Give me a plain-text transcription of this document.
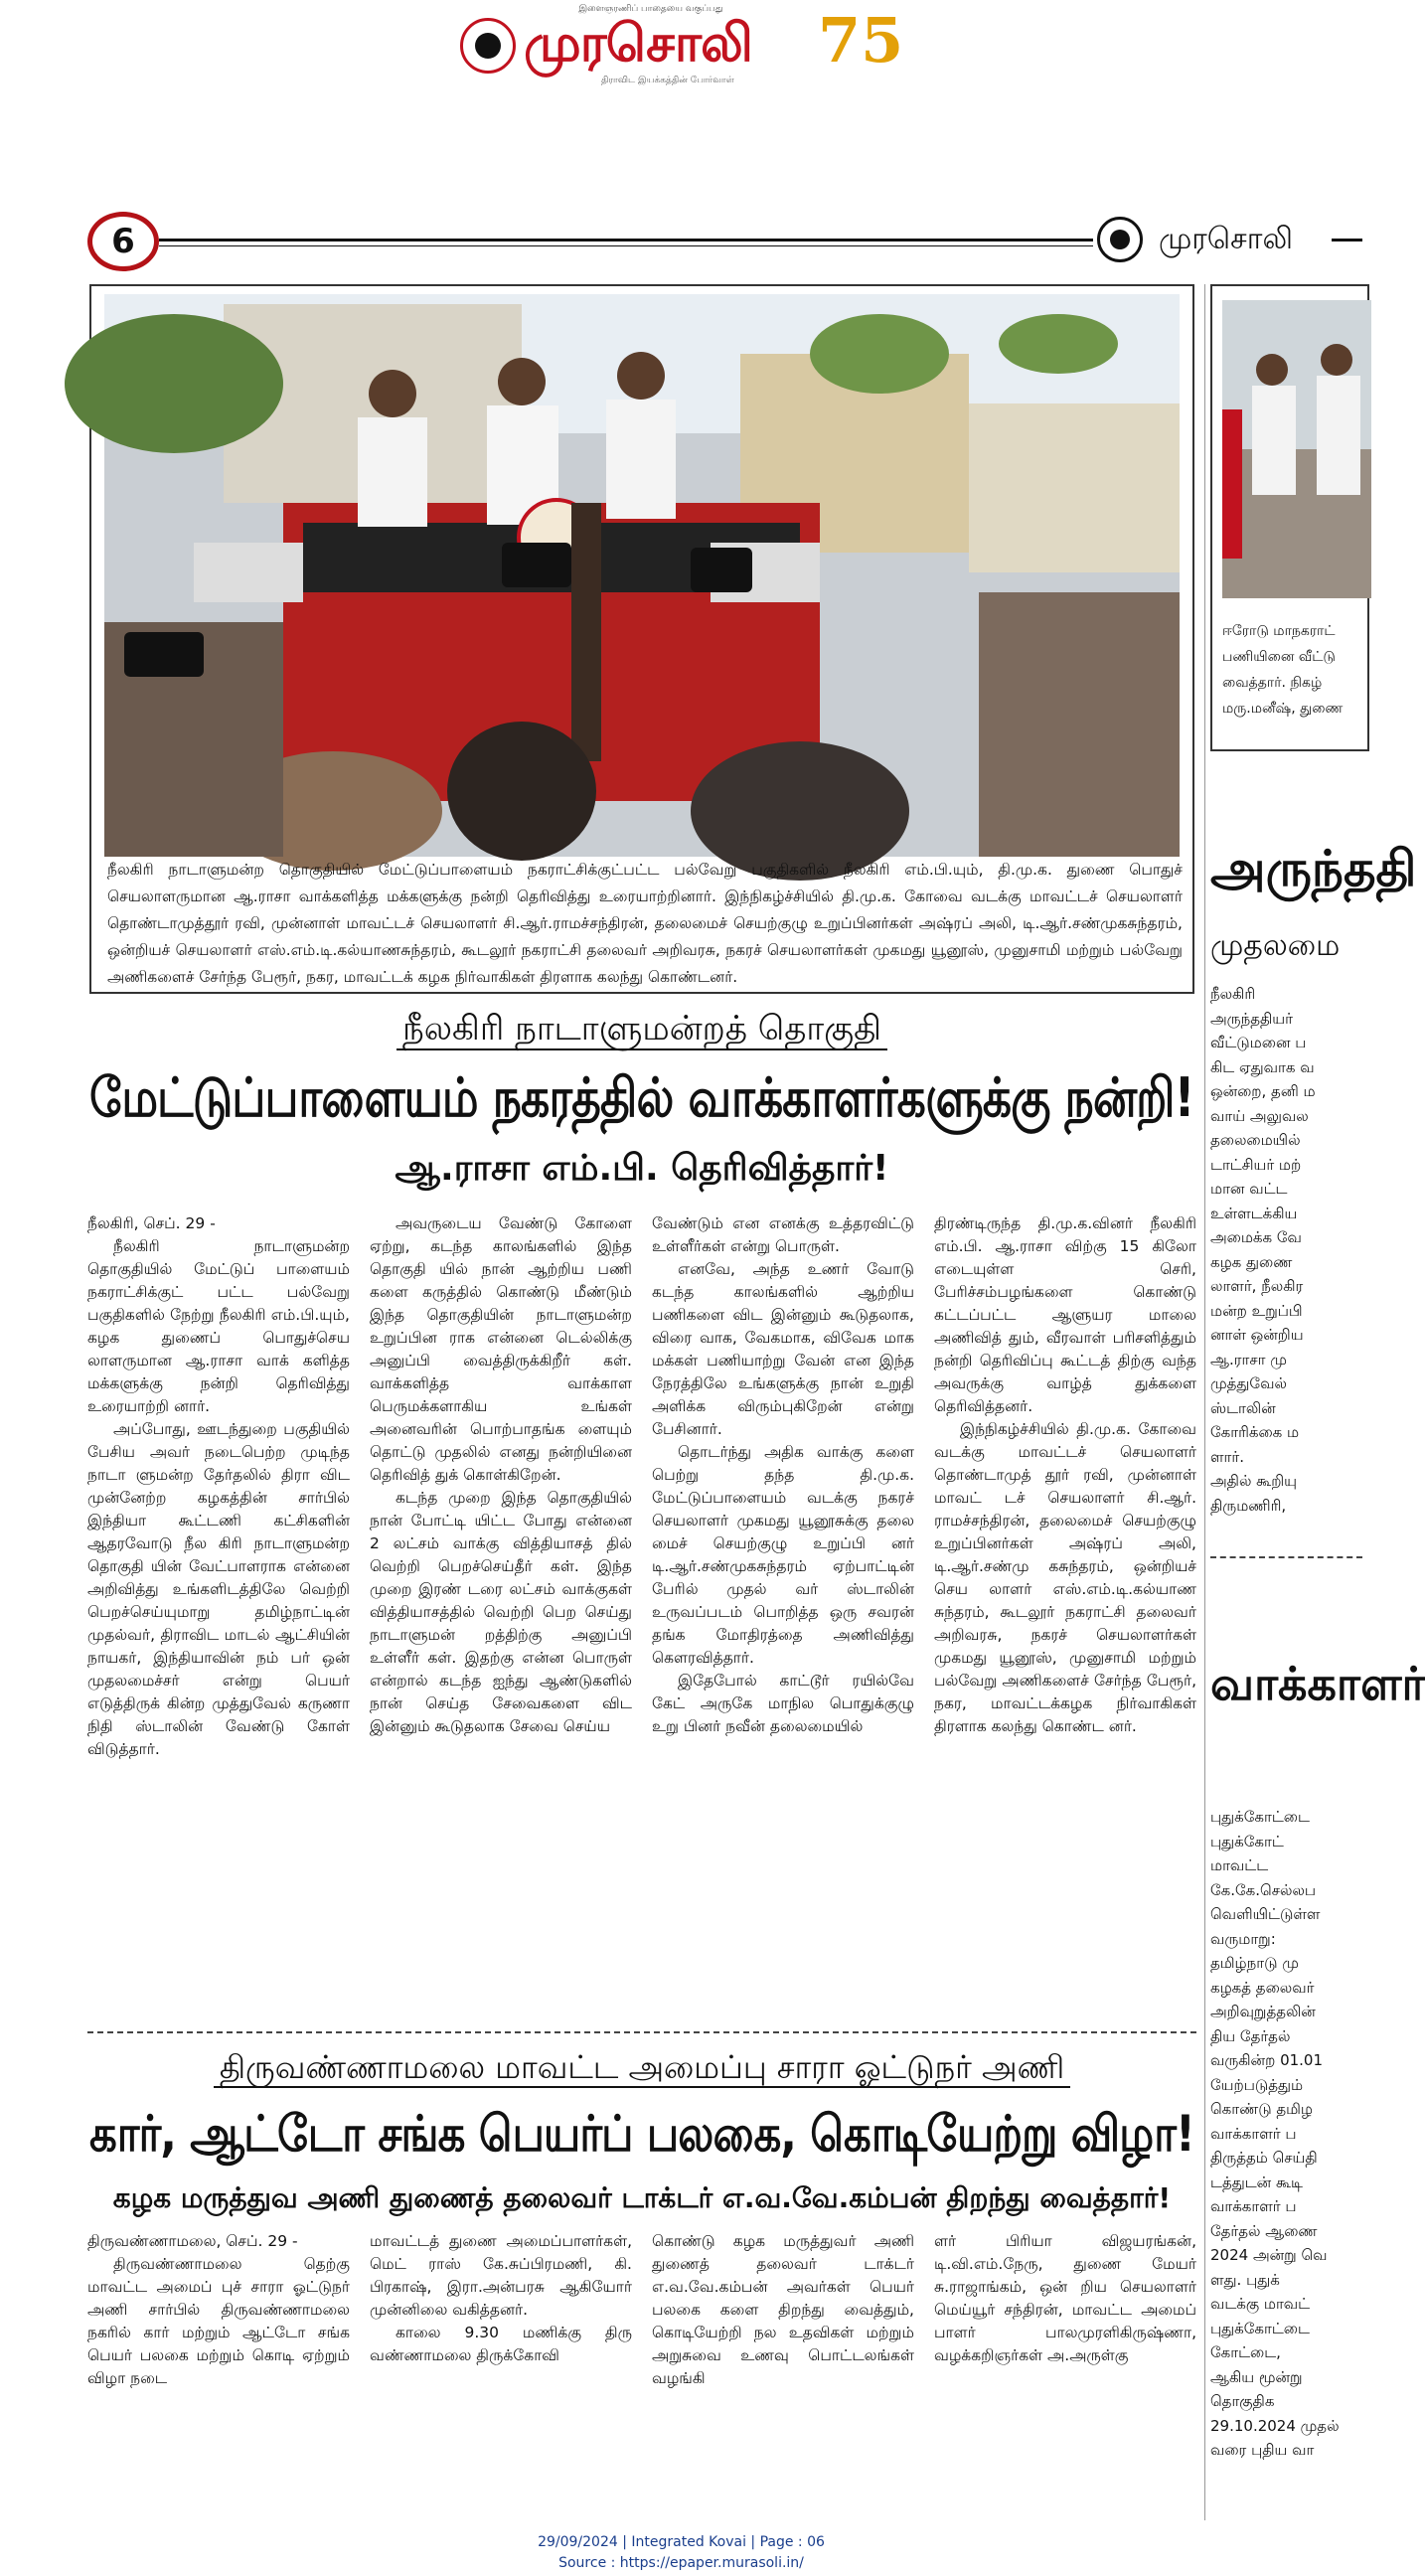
இளைஞரணிப் பாதையை வகுப்பது
முரசொலி 75
திராவிட இயக்கத்தின் போர்வாள்
6	முரசொலி
நீலகிரி நாடாளுமன்ற தொகுதியில் மேட்டுப்பாளையம் நகராட்சிக்குட்பட்ட பல்வேறு பகுதிகளில் நீலகிரி எம்.பி.யும், தி.மு.க. துணை பொதுச் செயலாளருமான ஆ.ராசா வாக்களித்த மக்களுக்கு நன்றி தெரிவித்து உரையாற்றினார். இந்நிகழ்ச்சியில் தி.மு.க. கோவை வடக்கு மாவட்டச் செயலாளர் தொண்டாமுத்தூர் ரவி, முன்னாள் மாவட்டச் செயலாளர் சி.ஆர்.ராமச்சந்திரன், தலைமைச் செயற்குழு உறுப்பினர்கள் அஷ்ரப் அலி, டி.ஆர்.சண்முகசுந்தரம், ஒன்றியச் செயலாளர் எஸ்.எம்.டி.கல்யாணசுந்தரம், கூடலூர் நகராட்சி தலைவர் அறிவரசு, நகரச் செயலாளர்கள் முகமது யூனூஸ், முனுசாமி மற்றும் பல்வேறு அணிகளைச் சேர்ந்த பேரூர், நகர, மாவட்டக் கழக நிர்வாகிகள் திரளாக கலந்து கொண்டனர்.
நீலகிரி நாடாளுமன்றத் தொகுதி
மேட்டுப்பாளையம் நகரத்தில் வாக்காளர்களுக்கு நன்றி!
ஆ.ராசா எம்.பி. தெரிவித்தார்!

நீலகிரி, செப். 29 -

நீலகிரி நாடாளுமன்ற தொகுதியில் மேட்டுப் பாளையம் நகராட்சிக்குட் பட்ட பல்வேறு பகுதிகளில் நேற்று நீலகிரி எம்.பி.யும், கழக துணைப் பொதுச்செய லாளருமான ஆ.ராசா வாக் களித்த மக்களுக்கு நன்றி தெரிவித்து உரையாற்றி னார்.

அப்போது, ஊடந்துறை பகுதியில் பேசிய அவர் நடைபெற்ற முடிந்த நாடா ளுமன்ற தேர்தலில் திரா விட முன்னேற்ற கழகத்தின் சார்பில் இந்தியா கூட்டணி கட்சிகளின் ஆதரவோடு நீல கிரி நாடாளுமன்ற தொகுதி யின் வேட்பாளராக என்னை அறிவித்து உங்களிடத்திலே வெற்றி பெறச்செய்யுமாறு தமிழ்நாட்டின் முதல்வர், திராவிட மாடல் ஆட்சியின் நாயகர், இந்தியாவின் நம் பர் ஒன் முதலமைச்சர் என்று பெயர் எடுத்திருக் கின்ற முத்துவேல் கருணா நிதி ஸ்டாலின் வேண்டு கோள் விடுத்தார்.

அவருடைய வேண்டு கோளை ஏற்று, கடந்த காலங்களில் இந்த தொகுதி யில் நான் ஆற்றிய பணி களை கருத்தில் கொண்டு மீண்டும் இந்த தொகுதியின் நாடாளுமன்ற உறுப்பின ராக என்னை டெல்லிக்கு அனுப்பி வைத்திருக்கிறீர் கள். வாக்களித்த வாக்காள பெருமக்களாகிய உங்கள் அனைவரின் பொற்பாதங்க ளையும் தொட்டு முதலில் எனது நன்றியினை தெரிவித் துக் கொள்கிறேன்.

கடந்த முறை இந்த தொகுதியில் நான் போட்டி யிட்ட போது என்னை 2 லட்சம் வாக்கு வித்தியாசத் தில் வெற்றி பெறச்செய்தீர் கள். இந்த முறை இரண் டரை லட்சம் வாக்குகள் வித்தியாசத்தில் வெற்றி பெற செய்து நாடாளுமன் றத்திற்கு அனுப்பி உள்ளீர் கள். இதற்கு என்ன பொருள் என்றால் கடந்த ஐந்து ஆண்டுகளில் நான் செய்த சேவைகளை விட இன்னும் கூடுதலாக சேவை செய்ய

வேண்டும் என எனக்கு உத்தரவிட்டு உள்ளீர்கள் என்று பொருள்.

எனவே, அந்த உணர் வோடு கடந்த காலங்களில் ஆற்றிய பணிகளை விட இன்னும் கூடுதலாக, விரை வாக, வேகமாக, விவேக மாக மக்கள் பணியாற்று வேன் என இந்த நேரத்திலே உங்களுக்கு நான் உறுதி அளிக்க விரும்புகிறேன் என்று பேசினார்.

தொடர்ந்து அதிக வாக்கு களை பெற்று தந்த தி.மு.க. மேட்டுப்பாளையம் வடக்கு நகரச் செயலாளர் முகமது யூனூசுக்கு தலை மைச் செயற்குழு உறுப்பி னர் டி.ஆர்.சண்முகசுந்தரம் ஏற்பாட்டின் பேரில் முதல் வர் ஸ்டாலின் உருவப்படம் பொறித்த ஒரு சவரன் தங்க மோதிரத்தை அணிவித்து கௌரவித்தார்.

இதேபோல் காட்டூர் ரயில்வே கேட் அருகே மாநில பொதுக்குழு உறு பினர் நவீன் தலைமையில்

திரண்டிருந்த தி.மு.க.வினர் நீலகிரி எம்.பி. ஆ.ராசா விற்கு 15 கிலோ எடையுள்ள செரி, பேரிச்சம்பழங்களை கொண்டு கட்டப்பட்ட ஆளுயர மாலை அணிவித் தும், வீரவாள் பரிசளித்தும் நன்றி தெரிவிப்பு கூட்டத் திற்கு வந்த அவருக்கு வாழ்த் துக்களை தெரிவித்தனர்.

இந்நிகழ்ச்சியில் தி.மு.க. கோவை வடக்கு மாவட்டச் செயலாளர் தொண்டாமுத் தூர் ரவி, முன்னாள் மாவட் டச் செயலாளர் சி.ஆர். ராமச்சந்திரன், தலைமைச் செயற்குழு உறுப்பினர்கள் அஷ்ரப் அலி, டி.ஆர்.சண்மு கசுந்தரம், ஒன்றியச் செய லாளர் எஸ்.எம்.டி.கல்யாண சுந்தரம், கூடலூர் நகராட்சி தலைவர் அறிவரசு, நகரச் செயலாளர்கள் முகமது யூனூஸ், முனுசாமி மற்றும் பல்வேறு அணிகளைச் சேர்ந்த பேரூர், நகர, மாவட்டக்கழக நிர்வாகிகள் திரளாக கலந்து கொண்ட னர்.

திருவண்ணாமலை மாவட்ட அமைப்பு சாரா ஓட்டுநர் அணி
கார், ஆட்டோ சங்க பெயர்ப் பலகை, கொடியேற்று விழா!
கழக மருத்துவ அணி துணைத் தலைவர் டாக்டர் எ.வ.வே.கம்பன் திறந்து வைத்தார்!

திருவண்ணாமலை, செப். 29 -

திருவண்ணாமலை தெற்கு மாவட்ட அமைப் புச் சாரா ஓட்டுநர் அணி சார்பில் திருவண்ணாமலை நகரில் கார் மற்றும் ஆட்டோ சங்க பெயர் பலகை மற்றும் கொடி ஏற்றும் விழா நடை

மாவட்டத் துணை அமைப்பாளர்கள், மெட் ராஸ் கே.சுப்பிரமணி, கி. பிரகாஷ், இரா.அன்பரசு ஆகியோர் முன்னிலை வகித்தனர்.

காலை 9.30 மணிக்கு திரு வண்ணாமலை திருக்கோவி

கொண்டு கழக மருத்துவர் அணி துணைத் தலைவர் டாக்டர் எ.வ.வே.கம்பன் அவர்கள் பெயர் பலகை களை திறந்து வைத்தும், கொடியேற்றி நல உதவிகள் மற்றும் அறுசுவை உணவு பொட்டலங்கள் வழங்கி

ளர் பிரியா விஜயரங்கன், டி.வி.எம்.நேரு, துணை மேயர் சு.ராஜாங்கம், ஒன் றிய செயலாளர் மெய்யூர் சந்திரன், மாவட்ட அமைப் பாளர் பாலமுரளிகிருஷ்ணா, வழக்கறிஞர்கள் அ.அருள்கு

ஈரோடு மாநகராட்
பணியினை வீட்டு
வைத்தார். நிகழ்
மரு.மனீஷ், துணை
அருந்ததி
முதலமை
நீலகிரி
அருந்ததியர்
வீட்டுமனை ப
கிட ஏதுவாக வ
ஒன்றை, தனி ம
வாய் அலுவல
தலைமையில்
டாட்சியர் மற்
மான வட்ட
உள்ளடக்கிய
அமைக்க வே
கழக துணை
லாளர், நீலகிர
மன்ற உறுப்பி
னாள் ஒன்றிய
ஆ.ராசா மு
முத்துவேல்
ஸ்டாலின்
கோரிக்கை ம
ளார்.
அதில் கூறியு
திருமணிரி,
வாக்காளர்
புதுக்கோட்டை
புதுக்கோட்
மாவட்ட
கே.கே.செல்லப
வெளியிட்டுள்ள
வருமாறு:
தமிழ்நாடு மு
கழகத் தலைவர்
அறிவுறுத்தலின்
திய தேர்தல்
வருகின்ற 01.01
யேற்படுத்தும்
கொண்டு தமிழ
வாக்காளர் ப
திருத்தம் செய்தி
டத்துடன் கூடி
வாக்காளர் ப
தேர்தல் ஆணை
2024 அன்று வெ
ளது. புதுக்
வடக்கு மாவட்
புதுக்கோட்டை
கோட்டை,
ஆகிய மூன்று
தொகுதிக
29.10.2024 முதல்
வரை புதிய வா
29/09/2024 | Integrated Kovai | Page : 06
Source : https://epaper.murasoli.in/
